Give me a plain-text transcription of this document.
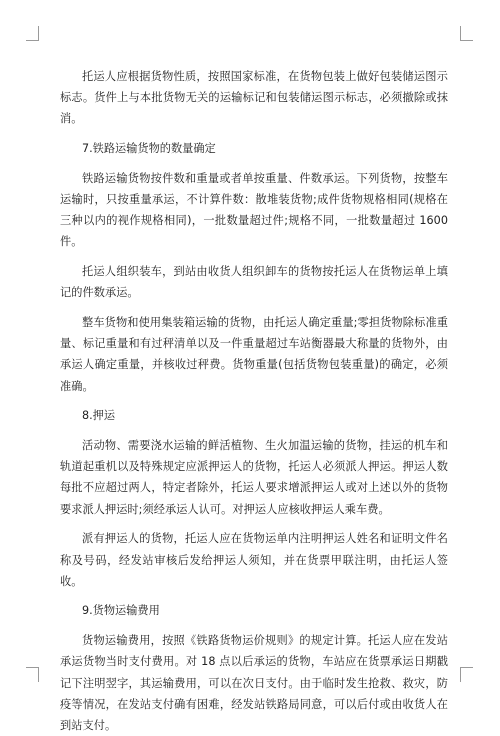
托运人应根据货物性质，按照国家标准，在货物包装上做好包装储运图示标志。货件上与本批货物无关的运输标记和包装储运图示标志，必须撤除或抹消。

7.铁路运输货物的数量确定

铁路运输货物按件数和重量或者单按重量、件数承运。下列货物，按整车运输时，只按重量承运，不计算件数：散堆装货物;成件货物规格相同(规格在三种以内的视作规格相同)，一批数量超过件;规格不同，一批数量超过 1600 件。

托运人组织装车，到站由收货人组织卸车的货物按托运人在货物运单上填记的件数承运。

整车货物和使用集装箱运输的货物，由托运人确定重量;零担货物除标准重量、标记重量和有过秤清单以及一件重量超过车站衡器最大称量的货物外，由承运人确定重量，并核收过秤费。货物重量(包括货物包装重量)的确定，必须准确。

8.押运

活动物、需要浇水运输的鲜活植物、生火加温运输的货物，挂运的机车和轨道起重机以及特殊规定应派押运人的货物，托运人必须派人押运。押运人数每批不应超过两人，特定者除外，托运人要求增派押运人或对上述以外的货物要求派人押运时;须经承运人认可。对押运人应核收押运人乘车费。

派有押运人的货物，托运人应在货物运单内注明押运人姓名和证明文件名称及号码，经发站审核后发给押运人须知，并在货票甲联注明，由托运人签收。

9.货物运输费用

货物运输费用，按照《铁路货物运价规则》的规定计算。托运人应在发站承运货物当时支付费用。对 18 点以后承运的货物，车站应在货票承运日期戳记下注明翌字，其运输费用，可以在次日支付。由于临时发生抢救、救灾，防疫等情况，在发站支付确有困难，经发站铁路局同意，可以后付或由收货人在到站支付。
